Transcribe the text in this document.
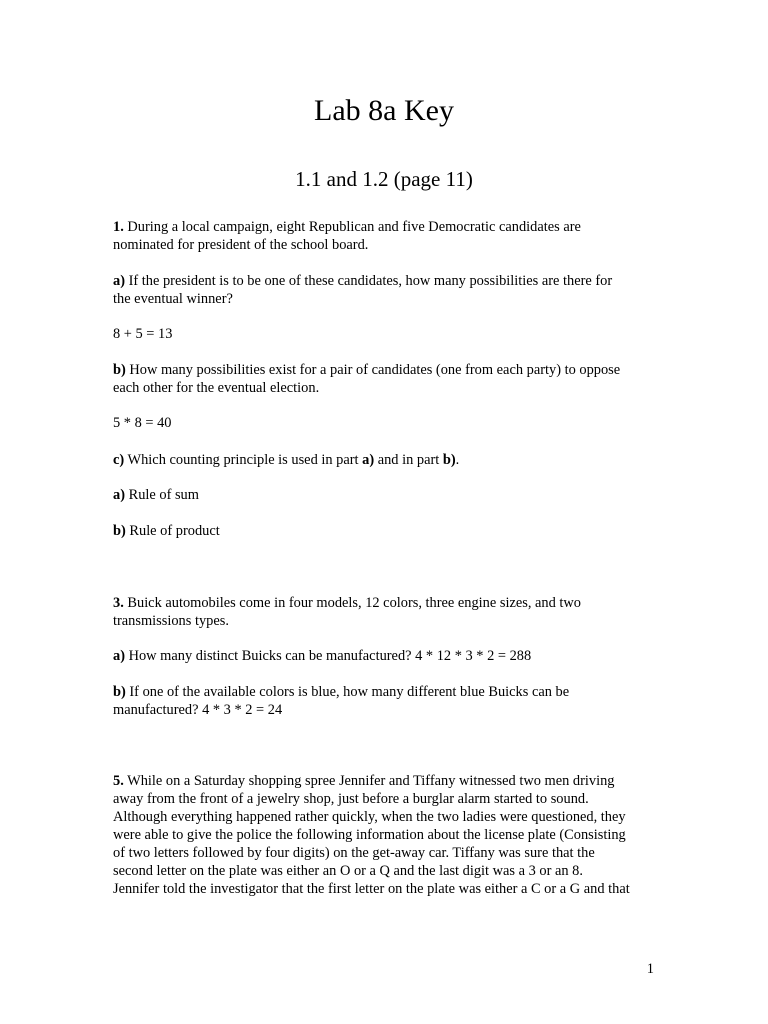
Lab 8a Key
1.1 and 1.2 (page 11)
1. During a local campaign, eight Republican and five Democratic candidates are
nominated for president of the school board.
a) If the president is to be one of these candidates, how many possibilities are there for
the eventual winner?
8 + 5 = 13
b) How many possibilities exist for a pair of candidates (one from each party) to oppose
each other for the eventual election.
5 * 8 = 40
c) Which counting principle is used in part a) and in part b).
a) Rule of sum
b) Rule of product
3. Buick automobiles come in four models, 12 colors, three engine sizes, and two
transmissions types.
a) How many distinct Buicks can be manufactured? 4 * 12 * 3 * 2 = 288
b) If one of the available colors is blue, how many different blue Buicks can be
manufactured? 4 * 3 * 2 = 24
5. While on a Saturday shopping spree Jennifer and Tiffany witnessed two men driving
away from the front of a jewelry shop, just before a burglar alarm started to sound.
Although everything happened rather quickly, when the two ladies were questioned, they
were able to give the police the following information about the license plate (Consisting
of two letters followed by four digits) on the get-away car. Tiffany was sure that the
second letter on the plate was either an O or a Q and the last digit was a 3 or an 8.
Jennifer told the investigator that the first letter on the plate was either a C or a G and that
1
